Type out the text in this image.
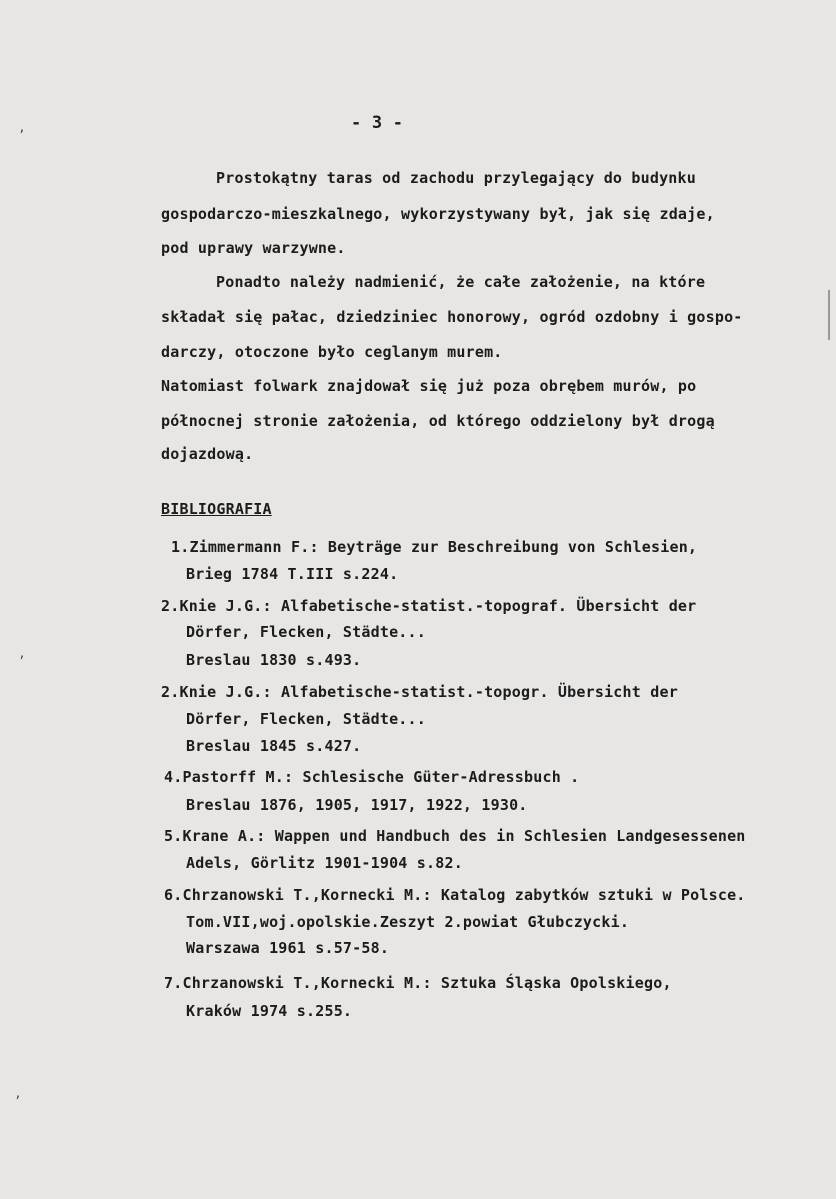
’
’
’
- 3 -
Prostokątny taras od zachodu przylegający do budynku
gospodarczo-mieszkalnego, wykorzystywany był, jak się zdaje,
pod uprawy warzywne.
Ponadto należy nadmienić, że całe założenie, na które
składał się pałac, dziedziniec honorowy, ogród ozdobny i gospo-
darczy, otoczone było ceglanym murem.
Natomiast folwark znajdował się już poza obrębem murów, po
północnej stronie założenia, od którego oddzielony był drogą
dojazdową.
BIBLIOGRAFIA
1.Zimmermann F.: Beyträge zur Beschreibung von Schlesien,
Brieg 1784 T.III s.224.
2.Knie J.G.: Alfabetische-statist.-topograf. Übersicht der
Dörfer, Flecken, Städte...
Breslau 1830 s.493.
2.Knie J.G.: Alfabetische-statist.-topogr. Übersicht der
Dörfer, Flecken, Städte...
Breslau 1845 s.427.
4.Pastorff M.: Schlesische Güter-Adressbuch .
Breslau 1876, 1905, 1917, 1922, 1930.
5.Krane A.: Wappen und Handbuch des in Schlesien Landgesessenen
Adels, Görlitz 1901-1904 s.82.
6.Chrzanowski T.,Kornecki M.: Katalog zabytków sztuki w Polsce.
Tom.VII,woj.opolskie.Zeszyt 2.powiat Głubczycki.
Warszawa 1961 s.57-58.
7.Chrzanowski T.,Kornecki M.: Sztuka Śląska Opolskiego,
Kraków 1974 s.255.
